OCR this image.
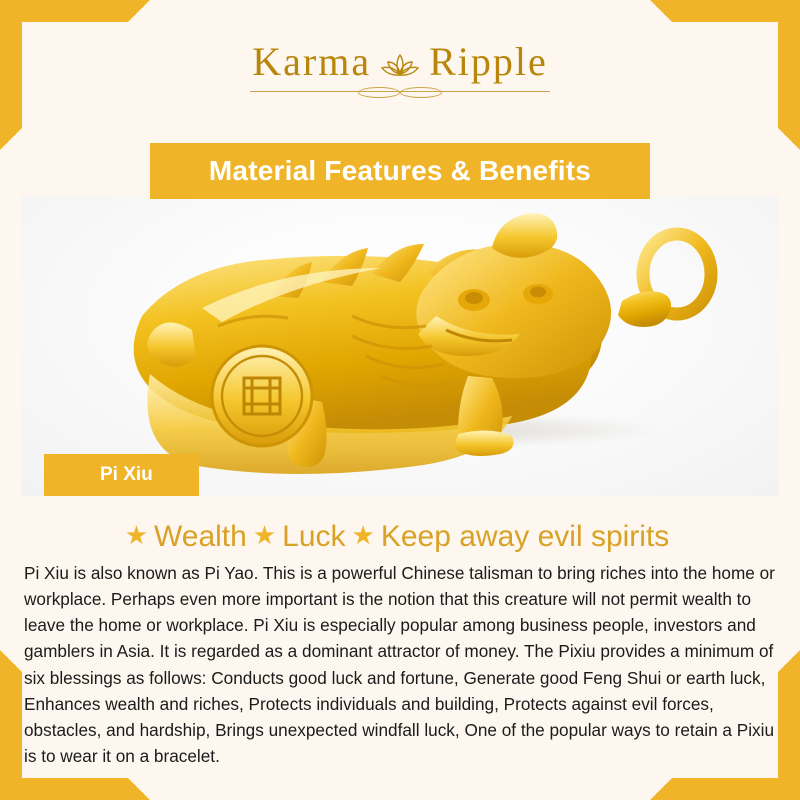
Karma Ripple
Material Features & Benefits
Pi Xiu
★ Wealth ★ Luck ★ Keep away evil spirits
Pi Xiu is also known as Pi Yao. This is a powerful Chinese talisman to bring riches into the home or workplace. Perhaps even more important is the notion that this creature will not permit wealth to leave the home or workplace. Pi Xiu is especially popular among business people, investors and gamblers in Asia. It is regarded as a dominant attractor of money. The Pixiu provides a minimum of six blessings as follows: Conducts good luck and fortune, Generate good Feng Shui or earth luck, Enhances wealth and riches, Protects individuals and building, Protects against evil forces, obstacles, and hardship, Brings unexpected windfall luck, One of the popular ways to retain a Pixiu is to wear it on a bracelet.
